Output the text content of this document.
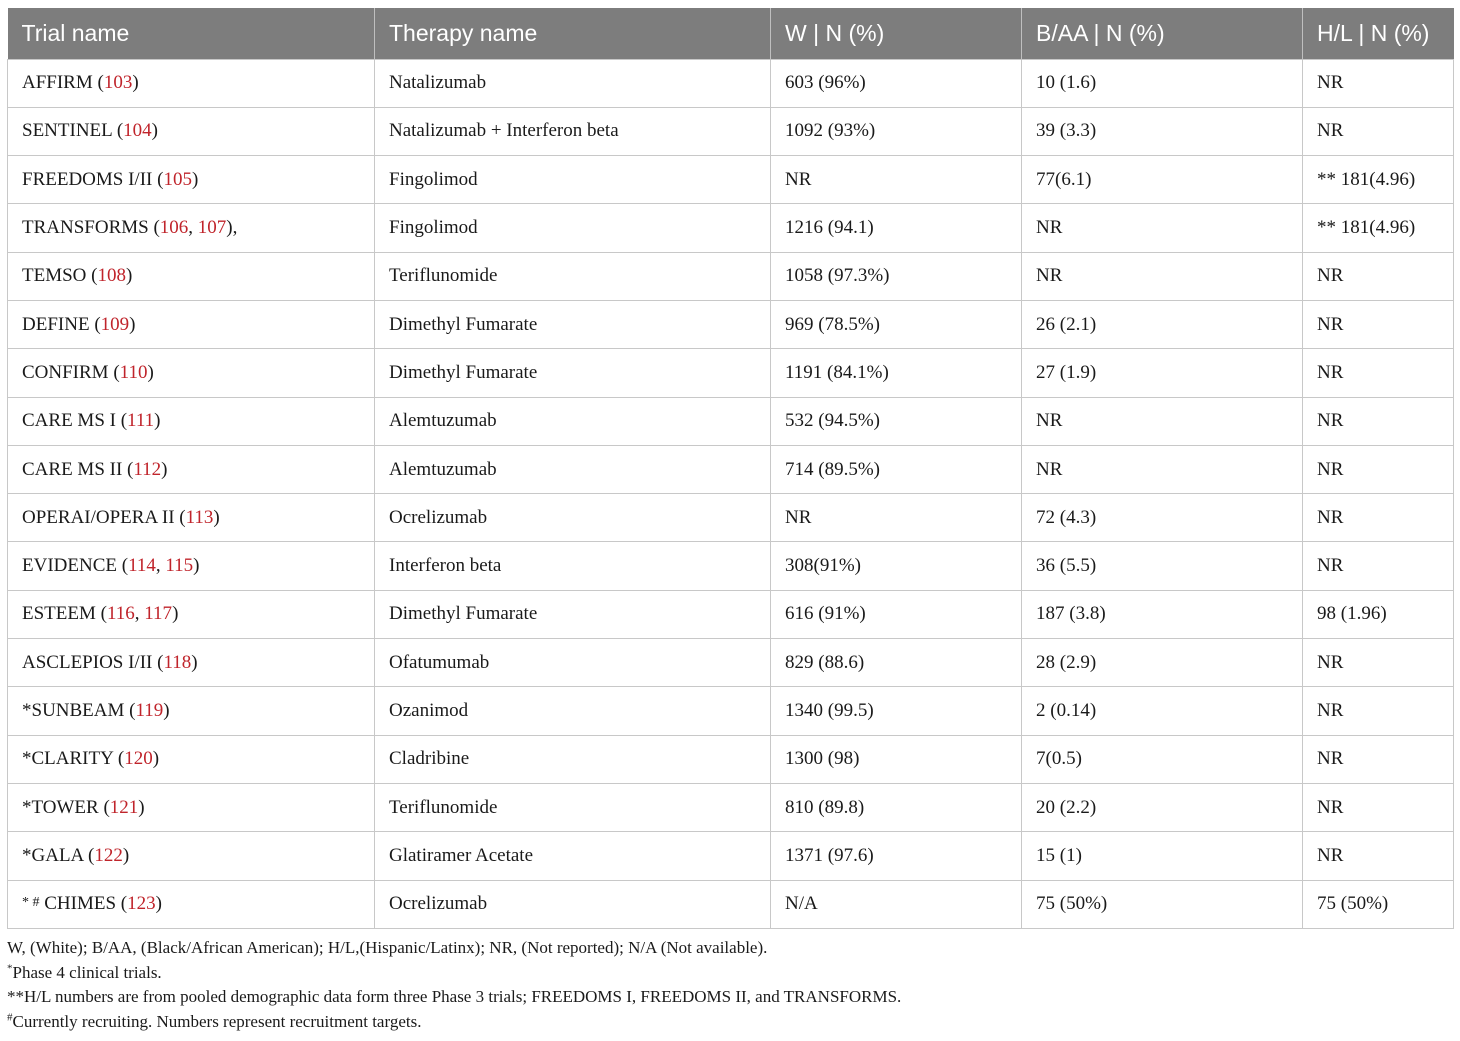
Trial name	Therapy name	W | N (%)	B/AA | N (%)	H/L | N (%)
AFFIRM (103)	Natalizumab	603 (96%)	10 (1.6)	NR
SENTINEL (104)	Natalizumab + Interferon beta	1092 (93%)	39 (3.3)	NR
FREEDOMS I/II (105)	Fingolimod	NR	77(6.1)	** 181(4.96)
TRANSFORMS (106, 107),	Fingolimod	1216 (94.1)	NR	** 181(4.96)
TEMSO (108)	Teriflunomide	1058 (97.3%)	NR	NR
DEFINE (109)	Dimethyl Fumarate	969 (78.5%)	26 (2.1)	NR
CONFIRM (110)	Dimethyl Fumarate	1191 (84.1%)	27 (1.9)	NR
CARE MS I (111)	Alemtuzumab	532 (94.5%)	NR	NR
CARE MS II (112)	Alemtuzumab	714 (89.5%)	NR	NR
OPERAI/OPERA II (113)	Ocrelizumab	NR	72 (4.3)	NR
EVIDENCE (114, 115)	Interferon beta	308(91%)	36 (5.5)	NR
ESTEEM (116, 117)	Dimethyl Fumarate	616 (91%)	187 (3.8)	98 (1.96)
ASCLEPIOS I/II (118)	Ofatumumab	829 (88.6)	28 (2.9)	NR
*SUNBEAM (119)	Ozanimod	1340 (99.5)	2 (0.14)	NR
*CLARITY (120)	Cladribine	1300 (98)	7(0.5)	NR
*TOWER (121)	Teriflunomide	810 (89.8)	20 (2.2)	NR
*GALA (122)	Glatiramer Acetate	1371 (97.6)	15 (1)	NR
* # CHIMES (123)	Ocrelizumab	N/A	75 (50%)	75 (50%)

W, (White); B/AA, (Black/African American); H/L,(Hispanic/Latinx); NR, (Not reported); N/A (Not available).

*Phase 4 clinical trials.

**H/L numbers are from pooled demographic data form three Phase 3 trials; FREEDOMS I, FREEDOMS II, and TRANSFORMS.

#Currently recruiting. Numbers represent recruitment targets.
